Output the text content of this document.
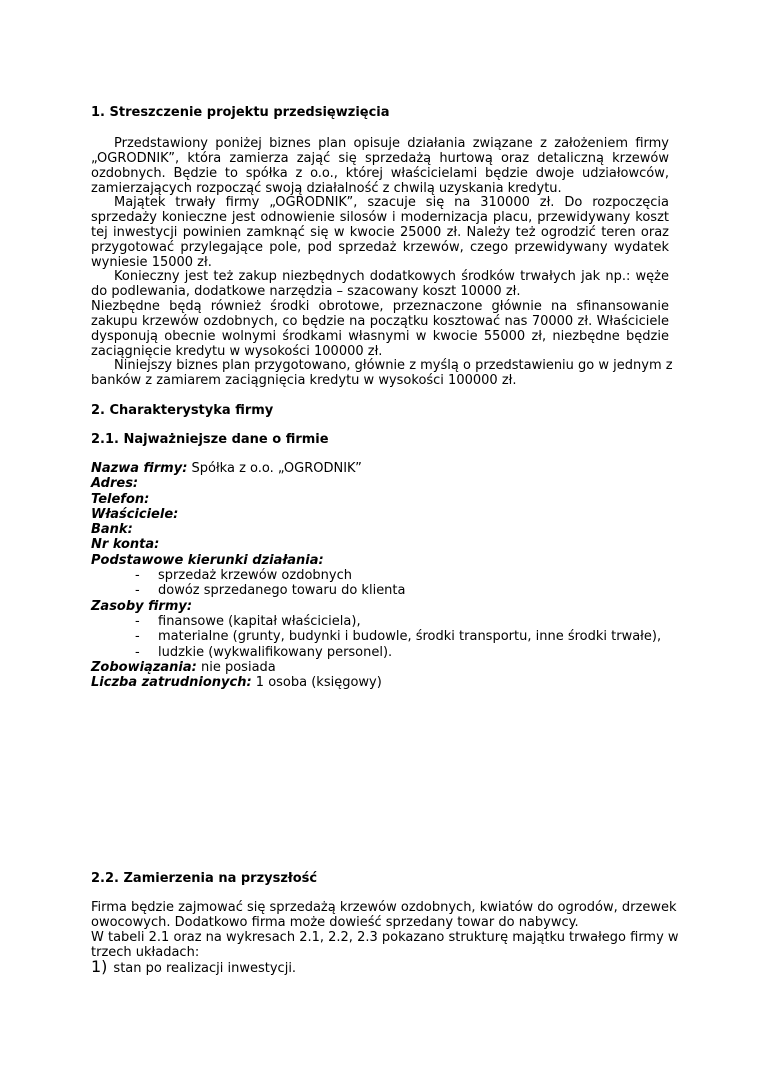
1. Streszczenie projektu przedsięwzięcia
Przedstawiony poniżej biznes plan opisuje działania związane z założeniem firmy
„OGRODNIK”, która zamierza zająć się sprzedażą hurtową oraz detaliczną krzewów
ozdobnych. Będzie to spółka z o.o., której właścicielami będzie dwoje udziałowców,
zamierzających rozpocząć swoją działalność z chwilą uzyskania kredytu.
Majątek trwały firmy „OGRODNIK”, szacuje się na 310000 zł. Do rozpoczęcia
sprzedaży konieczne jest odnowienie silosów i modernizacja placu, przewidywany koszt
tej inwestycji powinien zamknąć się w kwocie 25000 zł. Należy też ogrodzić teren oraz
przygotować przylegające pole, pod sprzedaż krzewów, czego przewidywany wydatek
wyniesie 15000 zł.
Konieczny jest też zakup niezbędnych dodatkowych środków trwałych jak np.: węże
do podlewania, dodatkowe narzędzia – szacowany koszt 10000 zł.
Niezbędne będą również środki obrotowe, przeznaczone głównie na sfinansowanie
zakupu krzewów ozdobnych, co będzie na początku kosztować nas 70000 zł. Właściciele
dysponują obecnie wolnymi środkami własnymi w kwocie 55000 zł, niezbędne będzie
zaciągnięcie kredytu w wysokości 100000 zł.
Niniejszy biznes plan przygotowano, głównie z myślą o przedstawieniu go w jednym z
banków z zamiarem zaciągnięcia kredytu w wysokości 100000 zł.
2. Charakterystyka firmy
2.1. Najważniejsze dane o firmie
Nazwa firmy: Spółka z o.o. „OGRODNIK”
Adres:
Telefon:
Właściciele:
Bank:
Nr konta:
Podstawowe kierunki działania:
- sprzedaż krzewów ozdobnych
- dowóz sprzedanego towaru do klienta
Zasoby firmy:
- finansowe (kapitał właściciela),
- materialne (grunty, budynki i budowle, środki transportu, inne środki trwałe),
- ludzkie (wykwalifikowany personel).
Zobowiązania: nie posiada
Liczba zatrudnionych: 1 osoba (księgowy)
2.2. Zamierzenia na przyszłość
Firma będzie zajmować się sprzedażą krzewów ozdobnych, kwiatów do ogrodów, drzewek
owocowych. Dodatkowo firma może dowieść sprzedany towar do nabywcy.
W tabeli 2.1 oraz na wykresach 2.1, 2.2, 2.3 pokazano strukturę majątku trwałego firmy w
trzech układach:
1) stan po realizacji inwestycji.
